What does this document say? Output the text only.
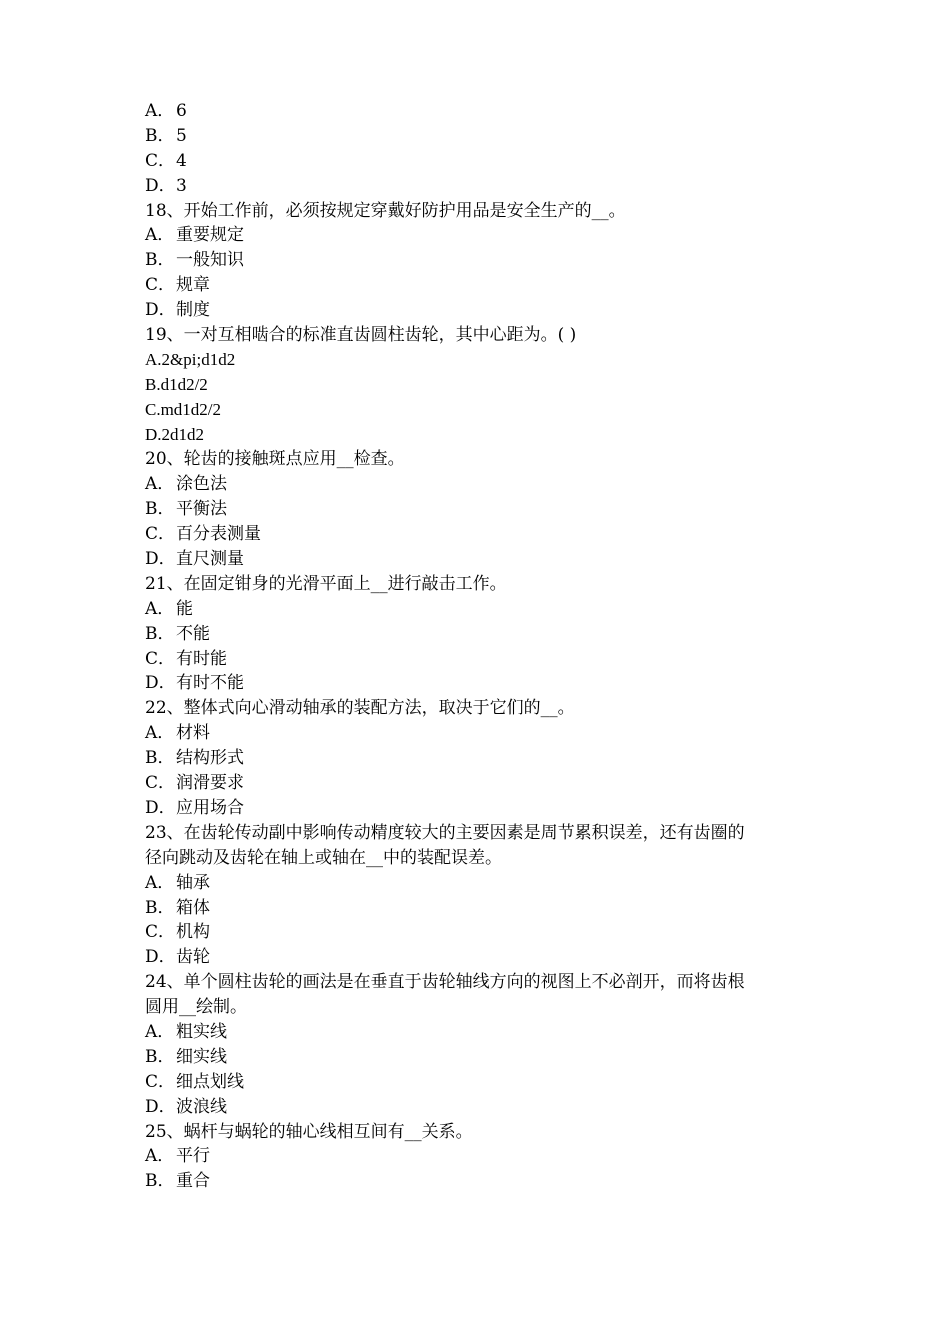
A． 6
B．5
C．4
D．3
18、开始工作前，必须按规定穿戴好防护用品是安全生产的__。
A． 重要规定
B．一般知识
C．规章
D．制度
19、一对互相啮合的标准直齿圆柱齿轮，其中心距为。( )
A.2&pi;d1d2
B.d1d2/2
C.md1d2/2
D.2d1d2
20、轮齿的接触斑点应用__检查。
A． 涂色法
B．平衡法
C．百分表测量
D．直尺测量
21、在固定钳身的光滑平面上__进行敲击工作。
A． 能
B．不能
C．有时能
D．有时不能
22、整体式向心滑动轴承的装配方法，取决于它们的__。
A． 材料
B．结构形式
C．润滑要求
D．应用场合
23、在齿轮传动副中影响传动精度较大的主要因素是周节累积误差，还有齿圈的
径向跳动及齿轮在轴上或轴在__中的装配误差。
A． 轴承
B．箱体
C．机构
D．齿轮
24、单个圆柱齿轮的画法是在垂直于齿轮轴线方向的视图上不必剖开，而将齿根
圆用__绘制。
A． 粗实线
B．细实线
C．细点划线
D．波浪线
25、蜗杆与蜗轮的轴心线相互间有__关系。
A． 平行
B．重合
